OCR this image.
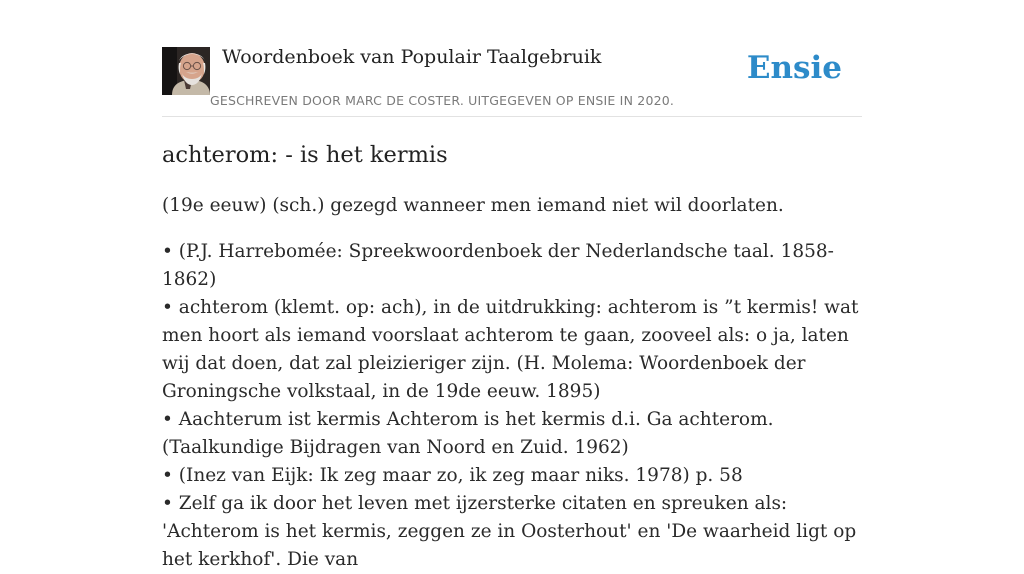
Woordenboek van Populair Taalgebruik
GESCHREVEN DOOR MARC DE COSTER. UITGEGEVEN OP ENSIE IN 2020.
Ensie
achterom: - is het kermis

(19e eeuw) (sch.) gezegd wanneer men iemand niet wil doorlaten.

• (P.J. Harrebomée: Spreekwoordenboek der Nederlandsche taal. 1858-1862)
• achterom (klemt. op: ach), in de uitdrukking: achterom is ”t kermis! wat men hoort als iemand voorslaat achterom te gaan, zooveel als: o ja, laten wij dat doen, dat zal pleizieriger zijn. (H. Molema: Woordenboek der Groningsche volkstaal, in de 19de eeuw. 1895)
• Aachterum ist kermis Achterom is het kermis d.i. Ga achterom. (Taalkundige Bijdragen van Noord en Zuid. 1962)
• (Inez van Eijk: Ik zeg maar zo, ik zeg maar niks. 1978) p. 58
• Zelf ga ik door het leven met ijzersterke citaten en spreuken als: 'Achterom is het kermis, zeggen ze in Oosterhout' en 'De waarheid ligt op het kerkhof'. Die van
